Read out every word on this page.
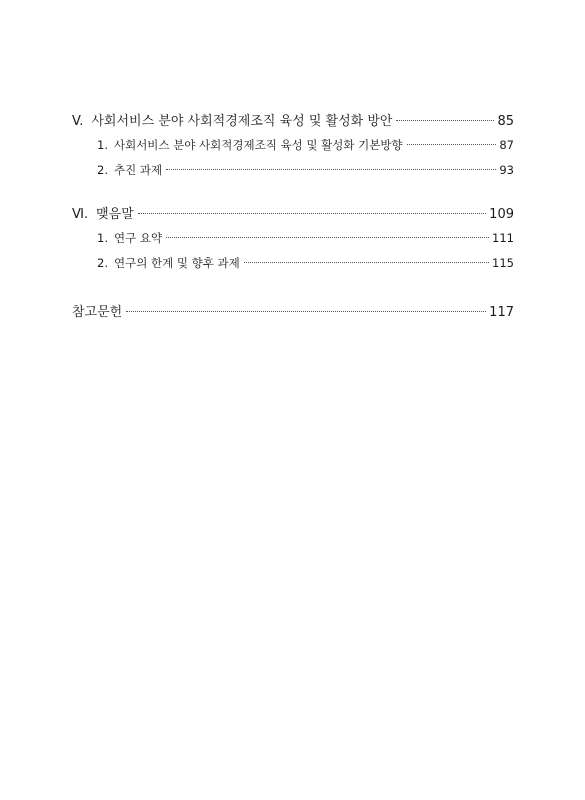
V. 사회서비스 분야 사회적경제조직 육성 및 활성화 방안	85
1. 사회서비스 분야 사회적경제조직 육성 및 활성화 기본방향	87
2. 추진 과제	93
Ⅵ. 맺음말	109
1. 연구 요약	111
2. 연구의 한계 및 향후 과제	115
참고문헌	117
